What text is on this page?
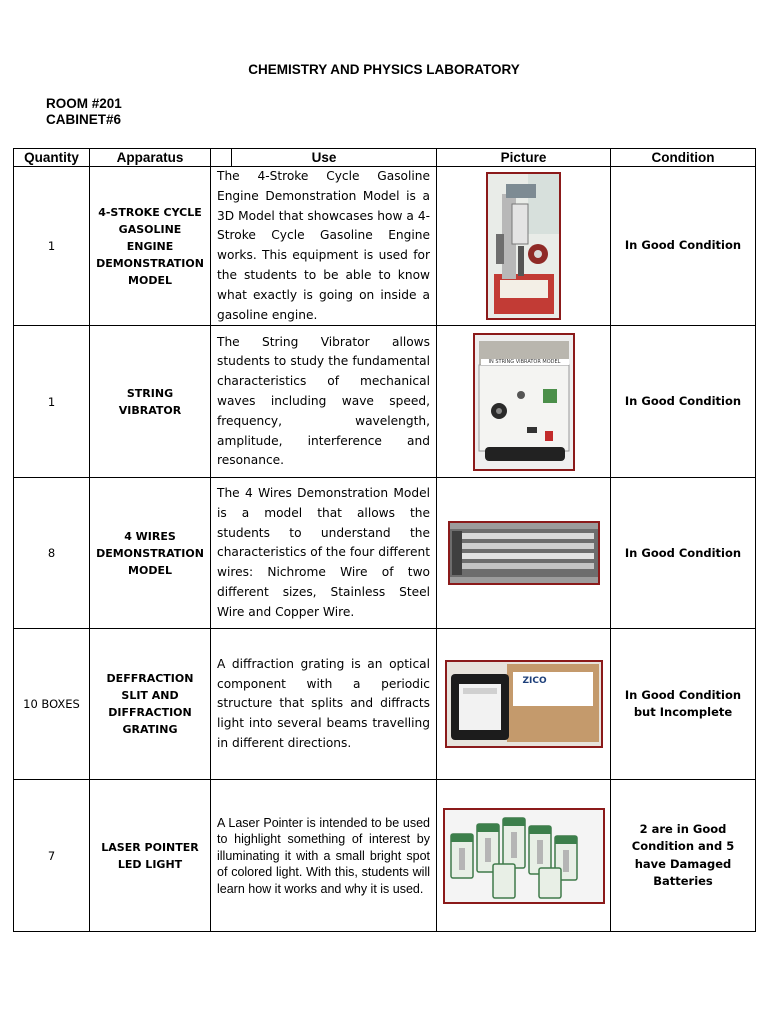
CHEMISTRY AND PHYSICS LABORATORY
ROOM #201
CABINET#6
Quantity	Apparatus	Use	Picture	Condition
1	4-STROKE CYCLE GASOLINE ENGINE DEMONSTRATION MODEL	The 4-Stroke Cycle Gasoline Engine Demonstration Model is a 3D Model that showcases how a 4-Stroke Cycle Gasoline Engine works. This equipment is used for the students to be able to know what exactly is going on inside a gasoline engine.		In Good Condition
1	STRING VIBRATOR	The String Vibrator allows students to study the fundamental characteristics of mechanical waves including wave speed, frequency, wavelength, amplitude, interference and resonance.	IN STRING VIBRATOR MODEL	In Good Condition
8	4 WIRES DEMONSTRATION MODEL	The 4 Wires Demonstration Model is a model that allows the students to understand the characteristics of the four different wires: Nichrome Wire of two different sizes, Stainless Steel Wire and Copper Wire.		In Good Condition
10 BOXES	DEFFRACTION SLIT AND DIFFRACTION GRATING	A diffraction grating is an optical component with a periodic structure that splits and diffracts light into several beams travelling in different directions.	ZICO	In Good Condition but Incomplete
7	LASER POINTER LED LIGHT	A Laser Pointer is intended to be used to highlight something of interest by illuminating it with a small bright spot of colored light. With this, students will learn how it works and why it is used.		2 are in Good Condition and 5 have Damaged Batteries
